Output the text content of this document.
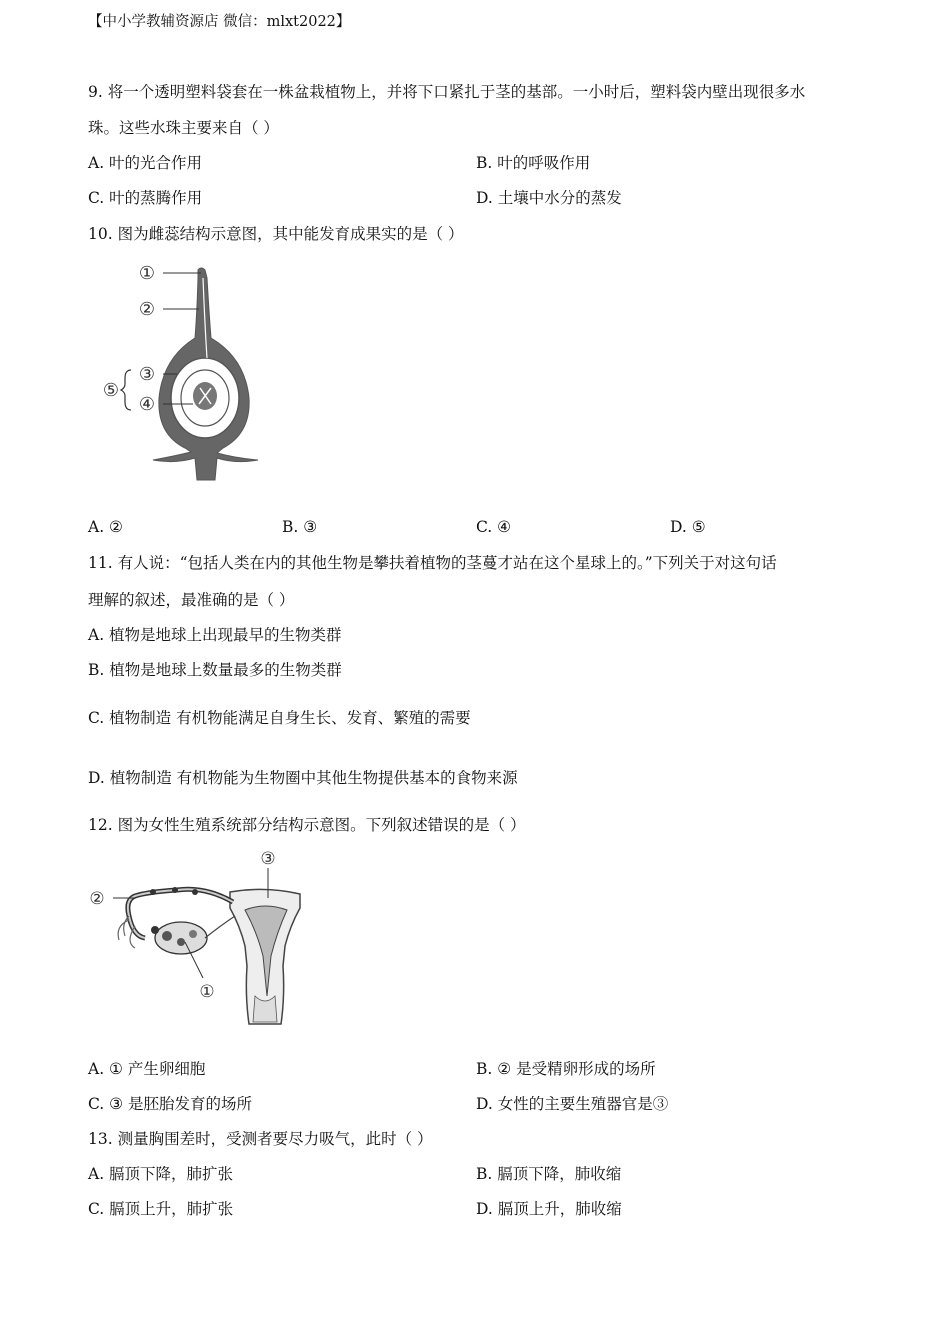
【中小学教辅资源店 微信：mlxt2022】
9. 将一个透明塑料袋套在一株盆栽植物上，并将下口紧扎于茎的基部。一小时后，塑料袋内壁出现很多水
珠。这些水珠主要来自（ ）
A. 叶的光合作用	B. 叶的呼吸作用
C. 叶的蒸腾作用	D. 土壤中水分的蒸发
10. 图为雌蕊结构示意图，其中能发育成果实的是（ ）
①
②
③
④
⑤
A. ②	B. ③	C. ④	D. ⑤
11. 有人说：“包括人类在内的其他生物是攀扶着植物的茎蔓才站在这个星球上的。”下列关于对这句话
理解的叙述，最准确的是（ ）
A. 植物是地球上出现最早的生物类群
B. 植物是地球上数量最多的生物类群
C. 植物制造 有机物能满足自身生长、发育、繁殖的需要
D. 植物制造 有机物能为生物圈中其他生物提供基本的食物来源
12. 图为女性生殖系统部分结构示意图。下列叙述错误的是（ ）
②
①
③
A. ① 产生卵细胞	B. ② 是受精卵形成的场所
C. ③ 是胚胎发育的场所	D. 女性的主要生殖器官是③
13. 测量胸围差时，受测者要尽力吸气，此时（ ）
A. 膈顶下降，肺扩张	B. 膈顶下降，肺收缩
C. 膈顶上升，肺扩张	D. 膈顶上升，肺收缩
